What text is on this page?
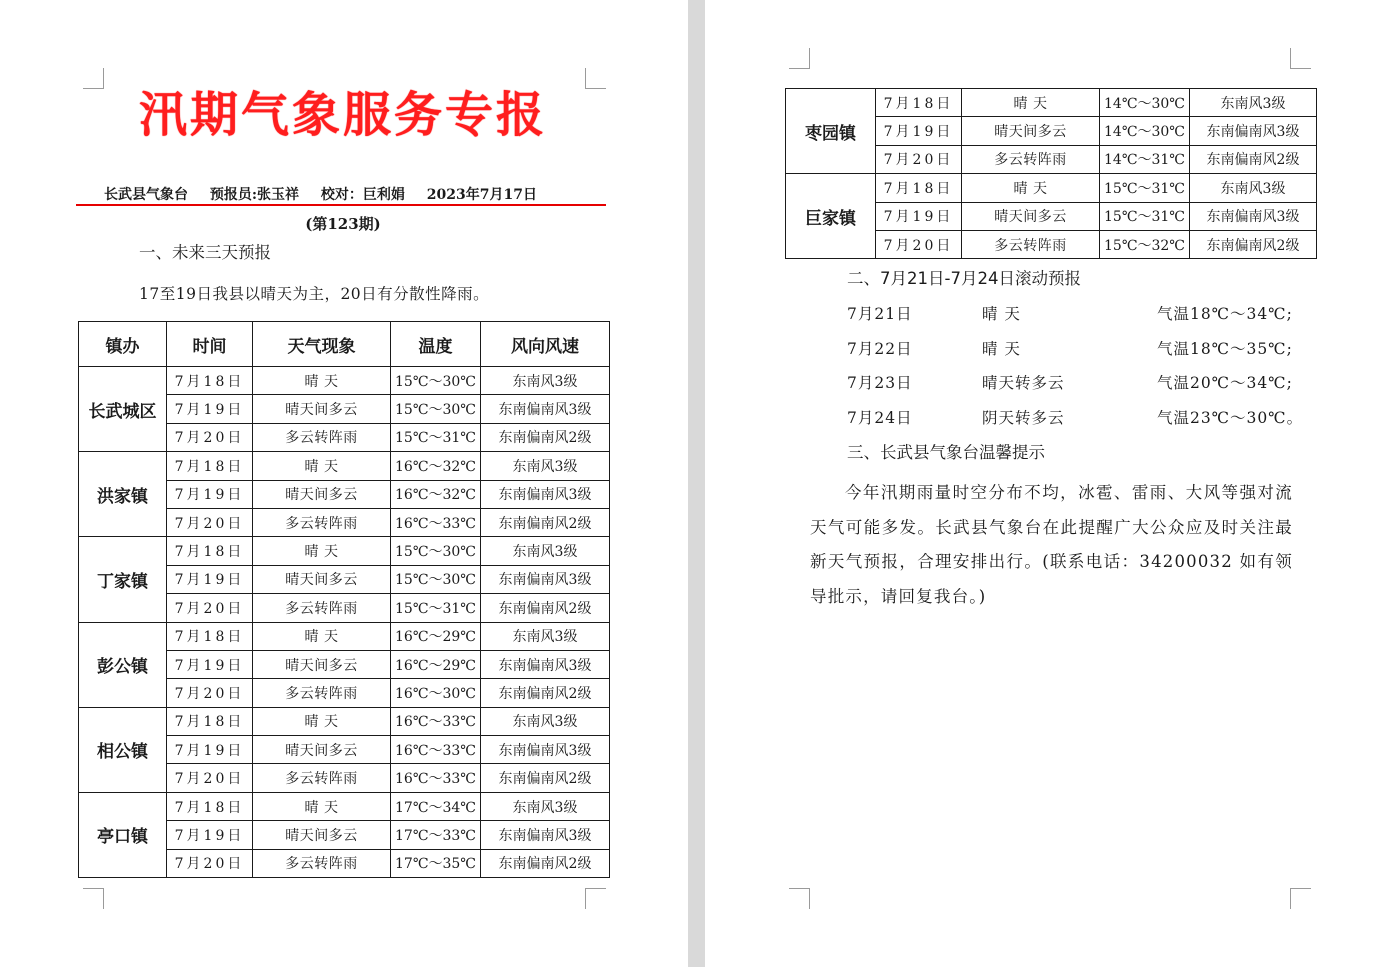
汛期气象服务专报
长武县气象台 预报员:张玉祥 校对：巨利娟 2023年7月17日
(第123期)
一、未来三天预报
17至19日我县以晴天为主，20日有分散性降雨。
镇办	时间	天气现象	温度	风向风速
长武城区	7月18日	晴 天	15℃～30℃	东南风3级
	7月19日	晴天间多云	15℃～30℃	东南偏南风3级
	7月20日	多云转阵雨	15℃～31℃	东南偏南风2级
洪家镇	7月18日	晴 天	16℃～32℃	东南风3级
	7月19日	晴天间多云	16℃～32℃	东南偏南风3级
	7月20日	多云转阵雨	16℃～33℃	东南偏南风2级
丁家镇	7月18日	晴 天	15℃～30℃	东南风3级
	7月19日	晴天间多云	15℃～30℃	东南偏南风3级
	7月20日	多云转阵雨	15℃～31℃	东南偏南风2级
彭公镇	7月18日	晴 天	16℃～29℃	东南风3级
	7月19日	晴天间多云	16℃～29℃	东南偏南风3级
	7月20日	多云转阵雨	16℃～30℃	东南偏南风2级
相公镇	7月18日	晴 天	16℃～33℃	东南风3级
	7月19日	晴天间多云	16℃～33℃	东南偏南风3级
	7月20日	多云转阵雨	16℃～33℃	东南偏南风2级
亭口镇	7月18日	晴 天	17℃～34℃	东南风3级
	7月19日	晴天间多云	17℃～33℃	东南偏南风3级
	7月20日	多云转阵雨	17℃～35℃	东南偏南风2级
枣园镇	7月18日	晴 天	14℃～30℃	东南风3级
	7月19日	晴天间多云	14℃～30℃	东南偏南风3级
	7月20日	多云转阵雨	14℃～31℃	东南偏南风2级
巨家镇	7月18日	晴 天	15℃～31℃	东南风3级
	7月19日	晴天间多云	15℃～31℃	东南偏南风3级
	7月20日	多云转阵雨	15℃～32℃	东南偏南风2级
二、7月21日-7月24日滚动预报
7月21日	晴 天	气温18℃～34℃;
7月22日	晴 天	气温18℃～35℃;
7月23日	晴天转多云	气温20℃～34℃;
7月24日	阴天转多云	气温23℃～30℃。
三、长武县气象台温馨提示

今年汛期雨量时空分布不均，冰雹、雷雨、大风等强对流天气可能多发。长武县气象台在此提醒广大公众应及时关注最新天气预报，合理安排出行。(联系电话：34200032 如有领导批示，请回复我台。)
